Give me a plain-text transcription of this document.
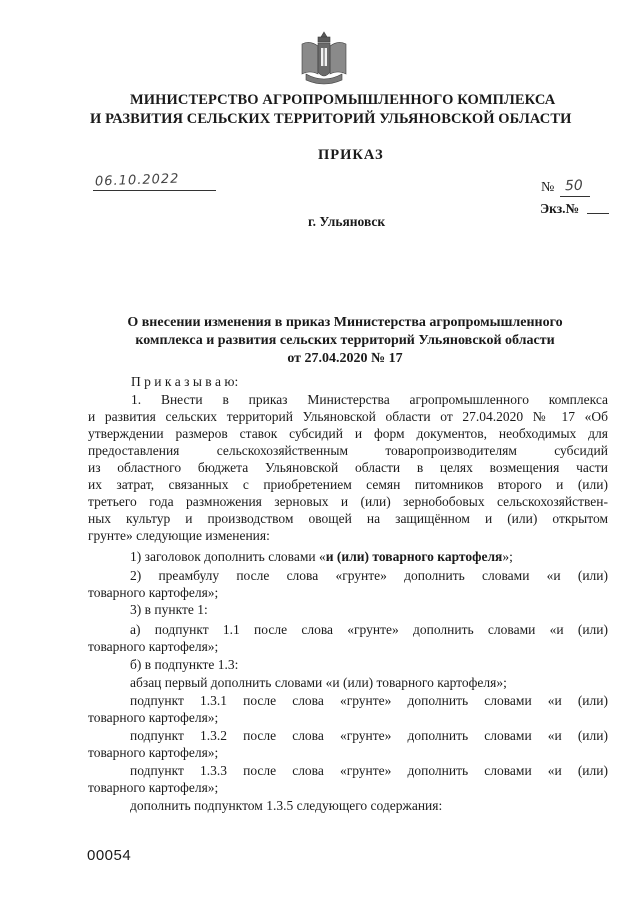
МИНИСТЕРСТВО АГРОПРОМЫШЛЕННОГО КОМПЛЕКСА
И РАЗВИТИЯ СЕЛЬСКИХ ТЕРРИТОРИЙ УЛЬЯНОВСКОЙ ОБЛАСТИ
ПРИКАЗ
06.10.2022	№ 50
Экз.№
г. Ульяновск
О внесении изменения в приказ Министерства агропромышленного
комплекса и развития сельских территорий Ульяновской области
от 27.04.2020 № 17
П р и к а з ы в а ю:
1. Внести в приказ Министерства агропромышленного комплекса
и развития сельских территорий Ульяновской области от 27.04.2020 № 17 «Об
утверждении размеров ставок субсидий и форм документов, необходимых для
предоставления сельскохозяйственным товаропроизводителям субсидий
из областного бюджета Ульяновской области в целях возмещения части
их затрат, связанных с приобретением семян питомников второго и (или)
третьего года размножения зерновых и (или) зернобобовых сельскохозяйствен-
ных культур и производством овощей на защищённом и (или) открытом
грунте» следующие изменения:
1) заголовок дополнить словами «и (или) товарного картофеля»;
2) преамбулу после слова «грунте» дополнить словами «и (или)
товарного картофеля»;
3) в пункте 1:
а) подпункт 1.1 после слова «грунте» дополнить словами «и (или)
товарного картофеля»;
б) в подпункте 1.3:
абзац первый дополнить словами «и (или) товарного картофеля»;
подпункт 1.3.1 после слова «грунте» дополнить словами «и (или)
товарного картофеля»;
подпункт 1.3.2 после слова «грунте» дополнить словами «и (или)
товарного картофеля»;
подпункт 1.3.3 после слова «грунте» дополнить словами «и (или)
товарного картофеля»;
дополнить подпунктом 1.3.5 следующего содержания:
00054
